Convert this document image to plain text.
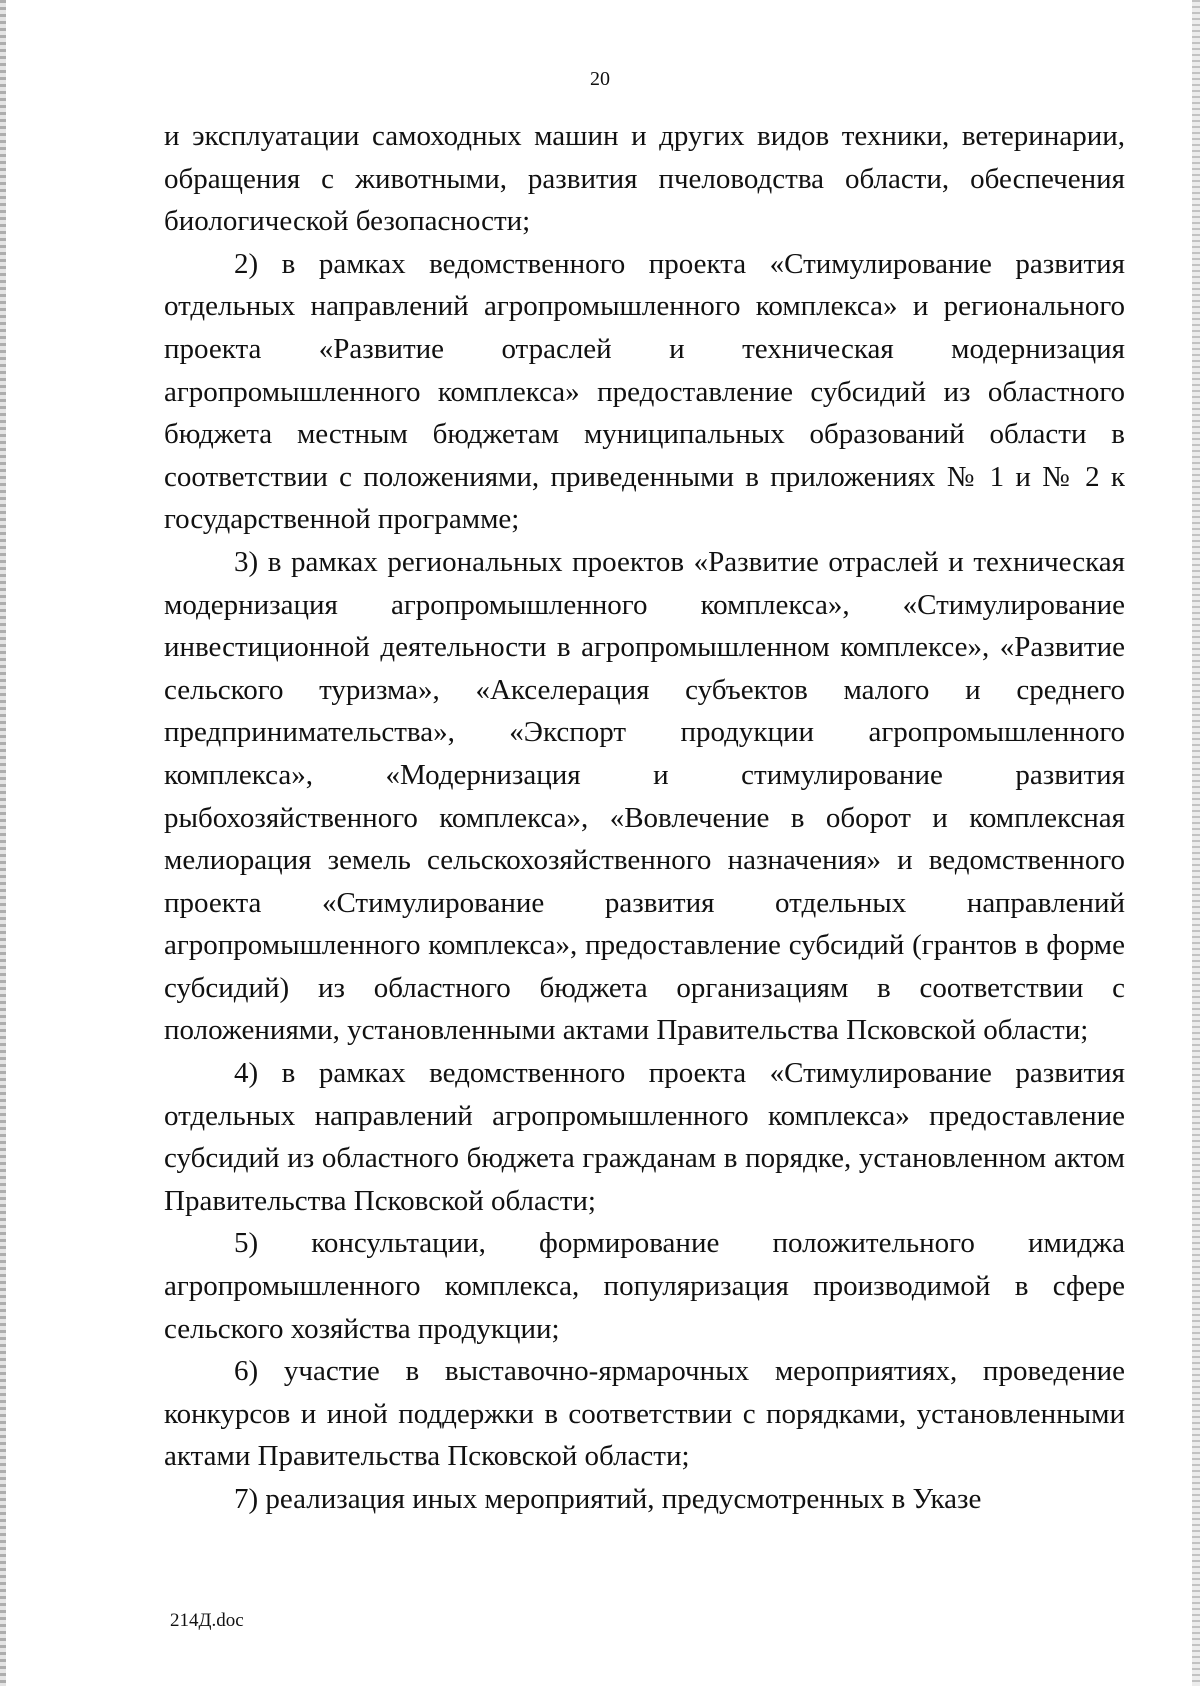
20

и эксплуатации самоходных машин и других видов техники, ветеринарии, обращения с животными, развития пчеловодства области, обеспечения биологической безопасности;

2) в рамках ведомственного проекта «Стимулирование развития отдельных направлений агропромышленного комплекса» и регионального проекта «Развитие отраслей и техническая модернизация агропромышленного комплекса» предоставление субсидий из областного бюджета местным бюджетам муниципальных образований области в соответствии с положениями, приведенными в приложениях № 1 и № 2 к государственной программе;

3) в рамках региональных проектов «Развитие отраслей и техническая модернизация агропромышленного комплекса», «Стимулирование инвестиционной деятельности в агропромышленном комплексе», «Развитие сельского туризма», «Акселерация субъектов малого и среднего предпринимательства», «Экспорт продукции агропромышленного комплекса», «Модернизация и стимулирование развития рыбохозяйственного комплекса», «Вовлечение в оборот и комплексная мелиорация земель сельскохозяйственного назначения» и ведомственного проекта «Стимулирование развития отдельных направлений агропромышленного комплекса», предоставление субсидий (грантов в форме субсидий) из областного бюджета организациям в соответствии с положениями, установленными актами Правительства Псковской области;

4) в рамках ведомственного проекта «Стимулирование развития отдельных направлений агропромышленного комплекса» предоставление субсидий из областного бюджета гражданам в порядке, установленном актом Правительства Псковской области;

5) консультации, формирование положительного имиджа агропромышленного комплекса, популяризация производимой в сфере сельского хозяйства продукции;

6) участие в выставочно-ярмарочных мероприятиях, проведение конкурсов и иной поддержки в соответствии с порядками, установленными актами Правительства Псковской области;

7) реализация иных мероприятий, предусмотренных в Указе

214Д.doc
